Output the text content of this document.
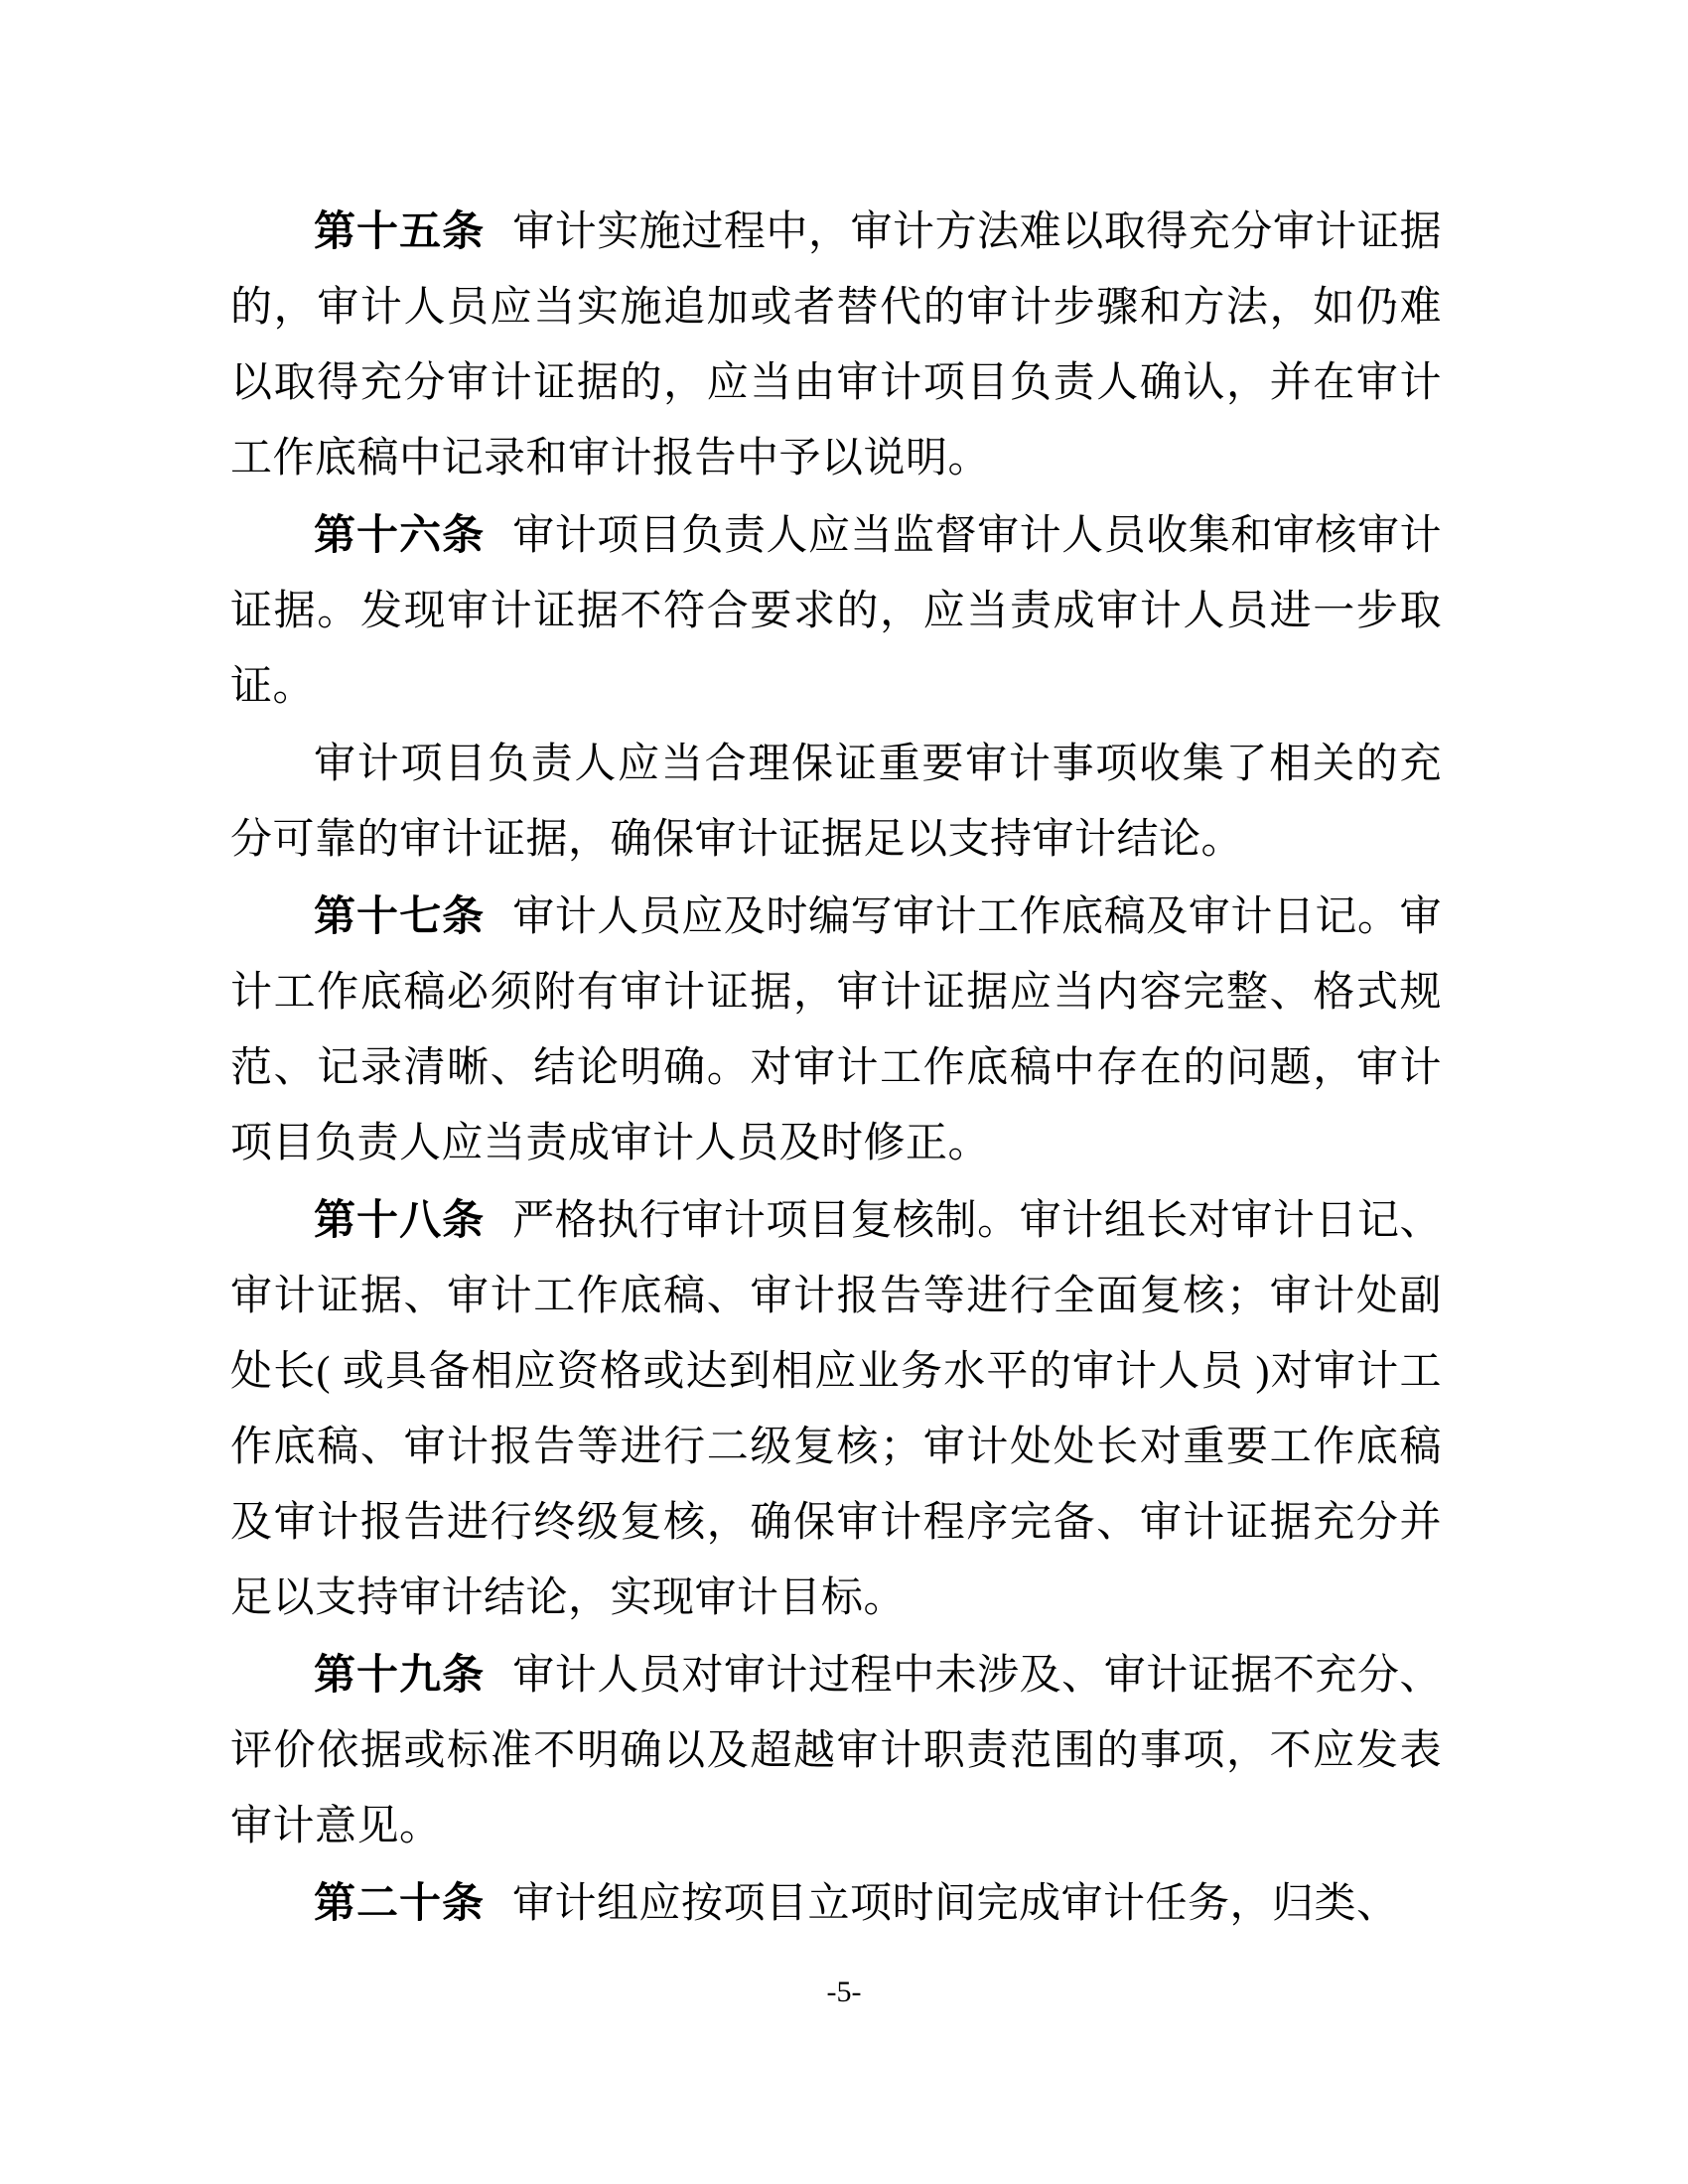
第十五条 审计实施过程中，审计方法难以取得充分审计证据的，审计人员应当实施追加或者替代的审计步骤和方法，如仍难以取得充分审计证据的，应当由审计项目负责人确认，并在审计工作底稿中记录和审计报告中予以说明。

第十六条 审计项目负责人应当监督审计人员收集和审核审计证据。发现审计证据不符合要求的，应当责成审计人员进一步取证。

审计项目负责人应当合理保证重要审计事项收集了相关的充分可靠的审计证据，确保审计证据足以支持审计结论。

第十七条 审计人员应及时编写审计工作底稿及审计日记。审计工作底稿必须附有审计证据，审计证据应当内容完整、格式规范、记录清晰、结论明确。对审计工作底稿中存在的问题，审计项目负责人应当责成审计人员及时修正。

第十八条 严格执行审计项目复核制。审计组长对审计日记、审计证据、审计工作底稿、审计报告等进行全面复核；审计处副处长( 或具备相应资格或达到相应业务水平的审计人员 )对审计工作底稿、审计报告等进行二级复核；审计处处长对重要工作底稿及审计报告进行终级复核，确保审计程序完备、审计证据充分并足以支持审计结论，实现审计目标。

第十九条 审计人员对审计过程中未涉及、审计证据不充分、评价依据或标准不明确以及超越审计职责范围的事项，不应发表审计意见。

第二十条 审计组应按项目立项时间完成审计任务，归类、

-5-
